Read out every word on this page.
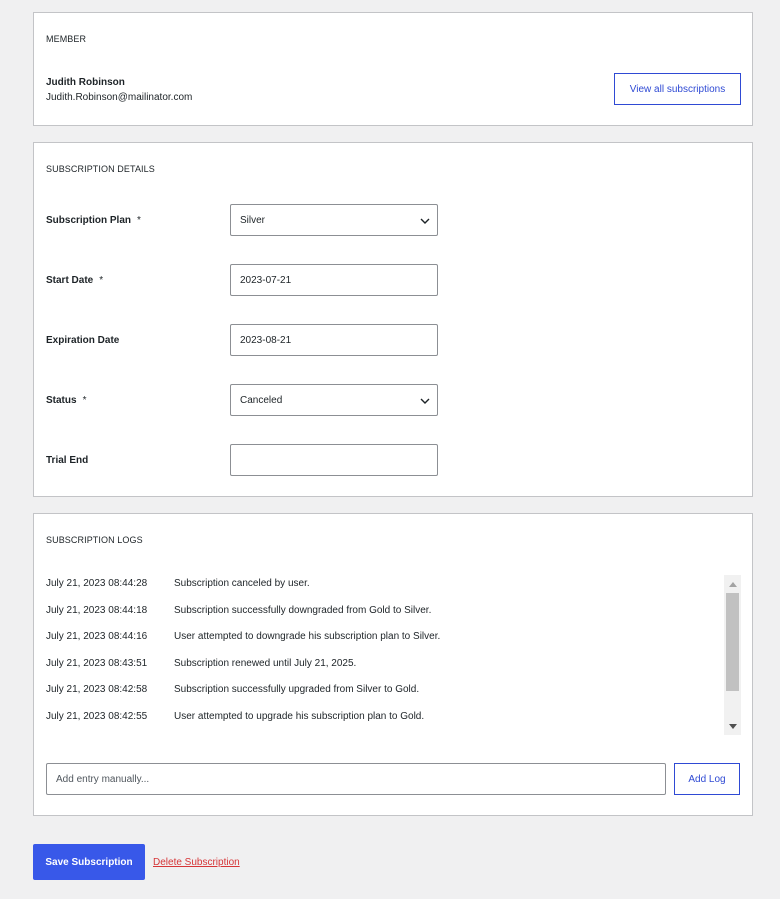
MEMBER
Judith Robinson
Judith.Robinson@mailinator.com
View all subscriptions
SUBSCRIPTION DETAILS
Subscription Plan *	Silver
Start Date *	2023-07-21
Expiration Date	2023-08-21
Status *	Canceled
Trial End
SUBSCRIPTION LOGS
July 21, 2023 08:44:28	Subscription canceled by user.
July 21, 2023 08:44:18	Subscription successfully downgraded from Gold to Silver.
July 21, 2023 08:44:16	User attempted to downgrade his subscription plan to Silver.
July 21, 2023 08:43:51	Subscription renewed until July 21, 2025.
July 21, 2023 08:42:58	Subscription successfully upgraded from Silver to Gold.
July 21, 2023 08:42:55	User attempted to upgrade his subscription plan to Gold.
Add entry manually...
Add Log
Save Subscription	Delete Subscription
